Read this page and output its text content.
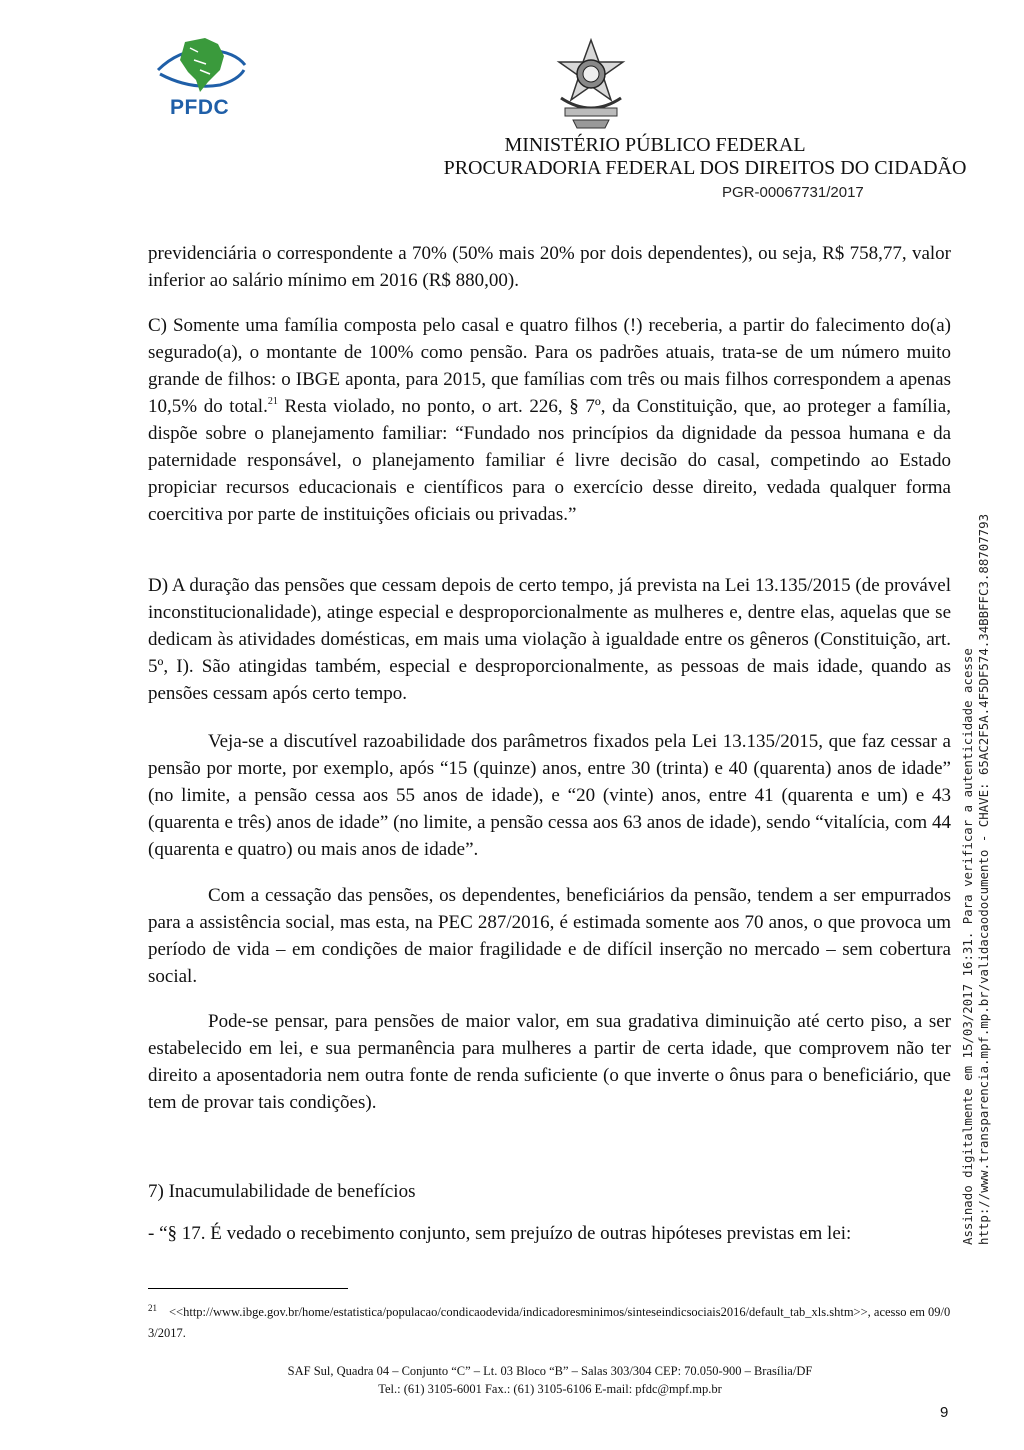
PFDC
MINISTÉRIO PÚBLICO FEDERAL
PROCURADORIA FEDERAL DOS DIREITOS DO CIDADÃO
PGR-00067731/2017

previdenciária o correspondente a 70% (50% mais 20% por dois dependentes), ou seja, R$ 758,77, valor inferior ao salário mínimo em 2016 (R$ 880,00).

C) Somente uma família composta pelo casal e quatro filhos (!) receberia, a partir do falecimento do(a) segurado(a), o montante de 100% como pensão. Para os padrões atuais, trata-se de um número muito grande de filhos: o IBGE aponta, para 2015, que famílias com três ou mais filhos correspondem a apenas 10,5% do total.$^{21}$ Resta violado, no ponto, o art. 226, § 7º, da Constituição, que, ao proteger a família, dispõe sobre o planejamento familiar: “Fundado nos princípios da dignidade da pessoa humana e da paternidade responsável, o planejamento familiar é livre decisão do casal, competindo ao Estado propiciar recursos educacionais e científicos para o exercício desse direito, vedada qualquer forma coercitiva por parte de instituições oficiais ou privadas.”

D) A duração das pensões que cessam depois de certo tempo, já prevista na Lei 13.135/2015 (de provável inconstitucionalidade), atinge especial e desproporcionalmente as mulheres e, dentre elas, aquelas que se dedicam às atividades domésticas, em mais uma violação à igualdade entre os gêneros (Constituição, art. 5º, I). São atingidas também, especial e desproporcionalmente, as pessoas de mais idade, quando as pensões cessam após certo tempo.

Veja-se a discutível razoabilidade dos parâmetros fixados pela Lei 13.135/2015, que faz cessar a pensão por morte, por exemplo, após “15 (quinze) anos, entre 30 (trinta) e 40 (quarenta) anos de idade” (no limite, a pensão cessa aos 55 anos de idade), e “20 (vinte) anos, entre 41 (quarenta e um) e 43 (quarenta e três) anos de idade” (no limite, a pensão cessa aos 63 anos de idade), sendo “vitalícia, com 44 (quarenta e quatro) ou mais anos de idade”.

Com a cessação das pensões, os dependentes, beneficiários da pensão, tendem a ser empurrados para a assistência social, mas esta, na PEC 287/2016, é estimada somente aos 70 anos, o que provoca um período de vida – em condições de maior fragilidade e de difícil inserção no mercado – sem cobertura social.

Pode-se pensar, para pensões de maior valor, em sua gradativa diminuição até certo piso, a ser estabelecido em lei, e sua permanência para mulheres a partir de certa idade, que comprovem não ter direito a aposentadoria nem outra fonte de renda suficiente (o que inverte o ônus para o beneficiário, que tem de provar tais condições).

7) Inacumulabilidade de benefícios

- “§ 17. É vedado o recebimento conjunto, sem prejuízo de outras hipóteses previstas em lei:

$^{21}$ <<http://www.ibge.gov.br/home/estatistica/populacao/condicaodevida/indicadoresminimos/sinteseindicsociais2016/default_tab_xls.shtm>>, acesso em 09/03/2017.
SAF Sul, Quadra 04 – Conjunto “C” – Lt. 03 Bloco “B” – Salas 303/304 CEP: 70.050-900 – Brasília/DF
Tel.: (61) 3105-6001 Fax.: (61) 3105-6106 E-mail: pfdc@mpf.mp.br
9
Assinado digitalmente em 15/03/2017 16:31. Para verificar a autenticidade acesse http://www.transparencia.mpf.mp.br/validacaodocumento - CHAVE: 65AC2F5A.4F5DF574.34BBFFC3.88707793
